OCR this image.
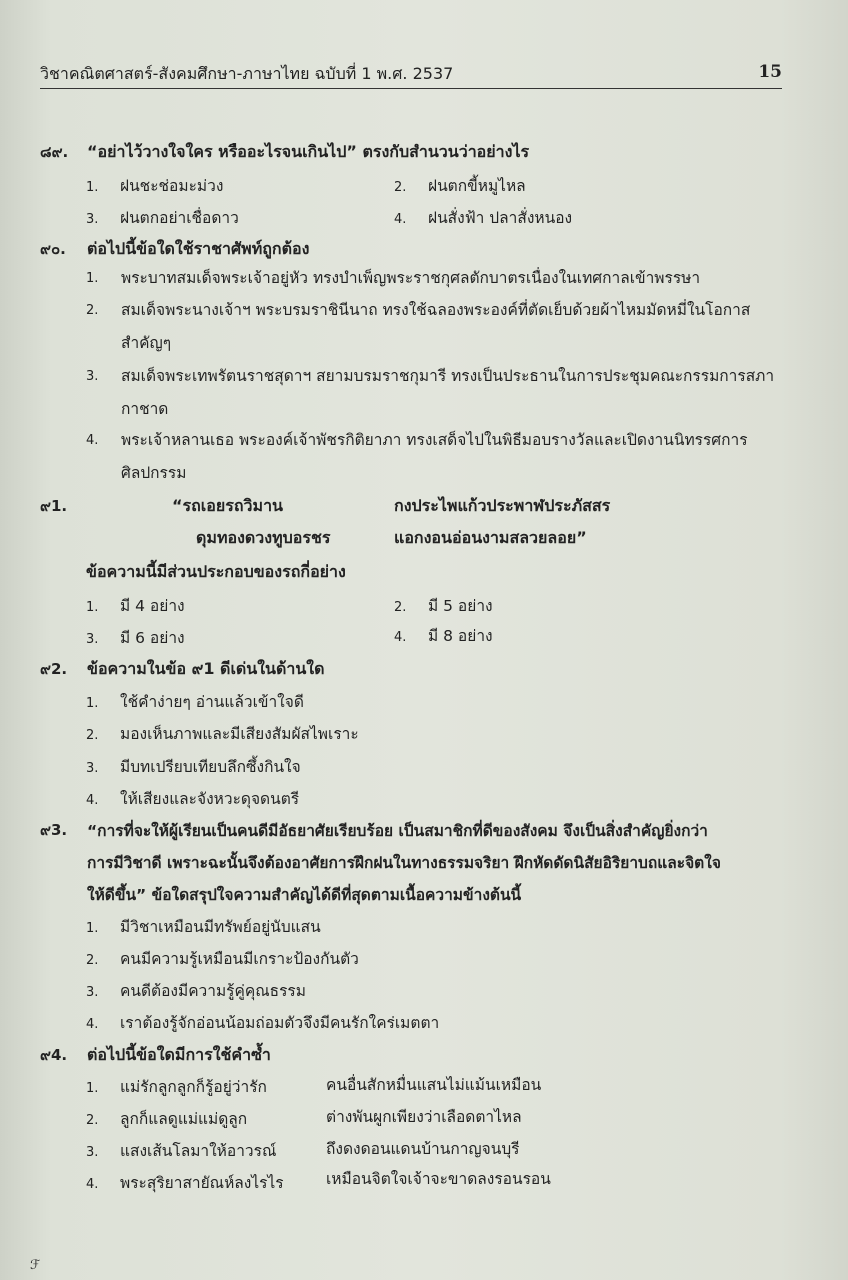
วิชาคณิตศาสตร์-สังคมศึกษา-ภาษาไทย ฉบับที่ 1 พ.ศ. 2537	15
๘๙. “อย่าไว้วางใจใคร หรืออะไรจนเกินไป” ตรงกับสำนวนว่าอย่างไร
1. ฝนชะช่อมะม่วง	2. ฝนตกขี้หมูไหล
3. ฝนตกอย่าเชื่อดาว	4. ฝนสั่งฟ้า ปลาสั่งหนอง
๙๐. ต่อไปนี้ข้อใดใช้ราชาศัพท์ถูกต้อง
1. พระบาทสมเด็จพระเจ้าอยู่หัว ทรงบำเพ็ญพระราชกุศลตักบาตรเนื่องในเทศกาลเข้าพรรษา
2. สมเด็จพระนางเจ้าฯ พระบรมราชินีนาถ ทรงใช้ฉลองพระองค์ที่ตัดเย็บด้วยผ้าไหมมัดหมี่ในโอกาสสำคัญๆ
3. สมเด็จพระเทพรัตนราชสุดาฯ สยามบรมราชกุมารี ทรงเป็นประธานในการประชุมคณะกรรมการสภากาชาด
4. พระเจ้าหลานเธอ พระองค์เจ้าพัชรกิติยาภา ทรงเสด็จไปในพิธีมอบรางวัลและเปิดงานนิทรรศการศิลปกรรม
๙1.	“รถเอยรถวิมาน	กงประไพแก้วประพาฬประภัสสร
ดุมทองดวงทูบอรชร	แอกงอนอ่อนงามสลวยลอย”
ข้อความนี้มีส่วนประกอบของรถกี่อย่าง
1. มี 4 อย่าง	2. มี 5 อย่าง
3. มี 6 อย่าง	4. มี 8 อย่าง
๙2. ข้อความในข้อ ๙1 ดีเด่นในด้านใด
1. ใช้คำง่ายๆ อ่านแล้วเข้าใจดี
2. มองเห็นภาพและมีเสียงสัมผัสไพเราะ
3. มีบทเปรียบเทียบลึกซึ้งกินใจ
4. ให้เสียงและจังหวะดุจดนตรี
๙3. “การที่จะให้ผู้เรียนเป็นคนดีมีอัธยาศัยเรียบร้อย เป็นสมาชิกที่ดีของสังคม จึงเป็นสิ่งสำคัญยิ่งกว่า
การมีวิชาดี เพราะฉะนั้นจึงต้องอาศัยการฝึกฝนในทางธรรมจริยา ฝึกหัดดัดนิสัยอิริยาบถและจิตใจ
ให้ดีขึ้น” ข้อใดสรุปใจความสำคัญได้ดีที่สุดตามเนื้อความข้างต้นนี้
1. มีวิชาเหมือนมีทรัพย์อยู่นับแสน
2. คนมีความรู้เหมือนมีเกราะป้องกันตัว
3. คนดีต้องมีความรู้คู่คุณธรรม
4. เราต้องรู้จักอ่อนน้อมถ่อมตัวจึงมีคนรักใคร่เมตตา
๙4. ต่อไปนี้ข้อใดมีการใช้คำซ้ำ
1. แม่รักลูกลูกก็รู้อยู่ว่ารัก	คนอื่นสักหมื่นแสนไม่แม้นเหมือน
2. ลูกก็แลดูแม่แม่ดูลูก	ต่างพันผูกเพียงว่าเลือดตาไหล
3. แสงเส้นโลมาให้อาวรณ์	ถึงดงดอนแดนบ้านกาญจนบุรี
4. พระสุริยาสายัณห์ลงไรไร	เหมือนจิตใจเจ้าจะขาดลงรอนรอน
ℱ
